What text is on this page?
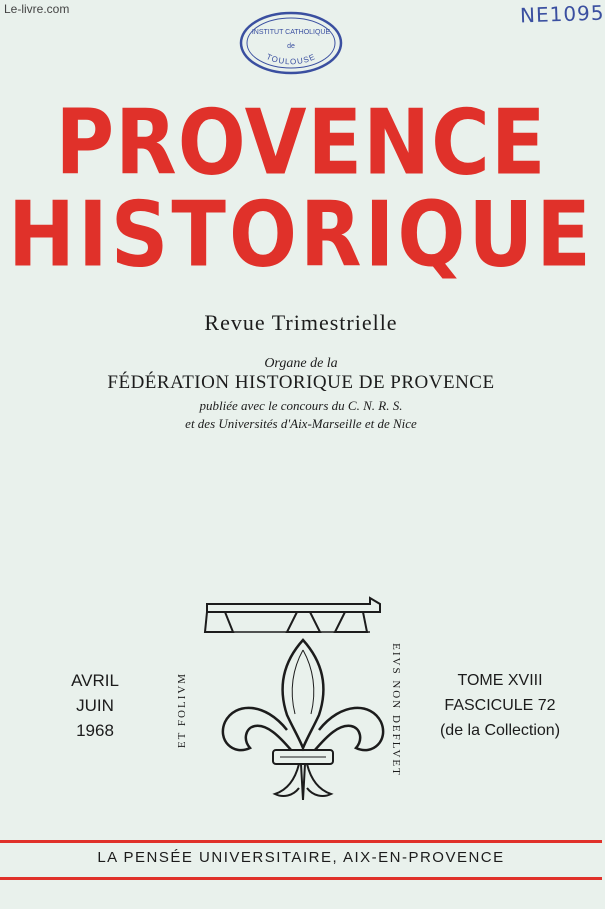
Le-livre.com	NE1095
INSTITUT CATHOLIQUE
de
TOULOUSE
PROVENCE
HISTORIQUE
Revue Trimestrielle
Organe de la
FÉDÉRATION HISTORIQUE DE PROVENCE
publiée avec le concours du C. N. R. S.
et des Universités d'Aix-Marseille et de Nice
ET FOLIVM	EIVS NON DEFLVET
AVRIL
JUIN
1968
TOME XVIII
FASCICULE 72
(de la Collection)
LA PENSÉE UNIVERSITAIRE, AIX-EN-PROVENCE
